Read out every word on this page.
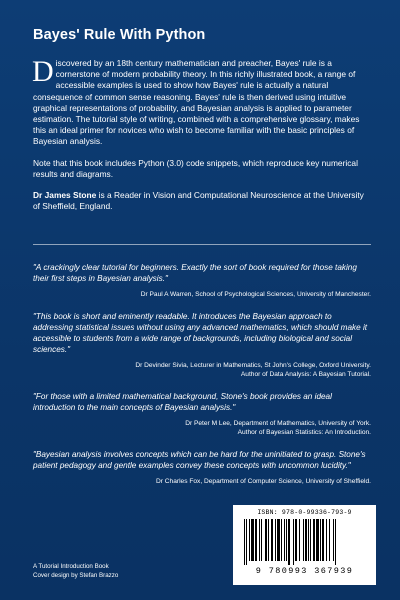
Bayes' Rule With Python

Discovered by an 18th century mathematician and preacher, Bayes' rule is a cornerstone of modern probability theory. In this richly illustrated book, a range of accessible examples is used to show how Bayes' rule is actually a natural consequence of common sense reasoning. Bayes' rule is then derived using intuitive graphical representations of probability, and Bayesian analysis is applied to parameter estimation. The tutorial style of writing, combined with a comprehensive glossary, makes this an ideal primer for novices who wish to become familiar with the basic principles of Bayesian analysis.

Note that this book includes Python (3.0) code snippets, which reproduce key numerical results and diagrams.

Dr James Stone is a Reader in Vision and Computational Neuroscience at the University of Sheffield, England.

"A crackingly clear tutorial for beginners. Exactly the sort of book required for those taking their first steps in Bayesian analysis."
Dr Paul A Warren, School of Psychological Sciences, University of Manchester.
"This book is short and eminently readable. It introduces the Bayesian approach to addressing statistical issues without using any advanced mathematics, which should make it accessible to students from a wide range of backgrounds, including biological and social sciences."
Dr Devinder Sivia, Lecturer in Mathematics, St John's College, Oxford University.
Author of Data Analysis: A Bayesian Tutorial.
"For those with a limited mathematical background, Stone's book provides an ideal introduction to the main concepts of Bayesian analysis."
Dr Peter M Lee, Department of Mathematics, University of York.
Author of Bayesian Statistics: An Introduction.
"Bayesian analysis involves concepts which can be hard for the uninitiated to grasp. Stone's patient pedagogy and gentle examples convey these concepts with uncommon lucidity."
Dr Charles Fox, Department of Computer Science, University of Sheffield.
A Tutorial Introduction Book
Cover design by Stefan Brazzo
ISBN: 978-0-99336-793-9
9 780993 367939
